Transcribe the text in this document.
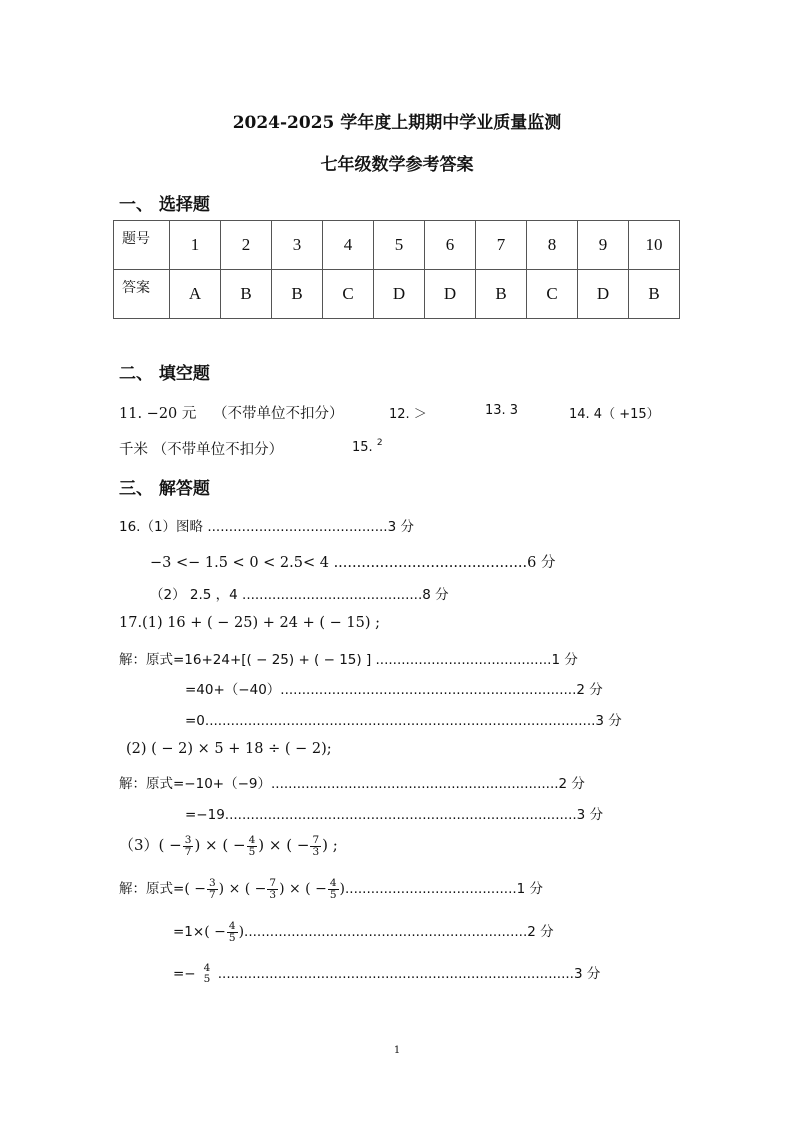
2024-2025 学年度上期期中学业质量监测
七年级数学参考答案
一、 选择题
题号	1	2	3	4	5	6	7	8	9	10
答案	A	B	B	C	D	D	B	C	D	B
二、 填空题
11. −20 元 （不带单位不扣分）	12. ＞	13. 3	14. 4（ +15）
千米 （不带单位不扣分）	15. $^2$
三、 解答题
16.（1）图略 ..........................................3 分
−3 <− 1.5 < 0 < 2.5< 4 ..........................................6 分
（2） 2.5 ，4 ..........................................8 分
17.(1) 16 + ( − 25) + 24 + ( − 15) ;
解：原式=16+24+[( − 25) + ( − 15) ] .........................................1 分
=40+（−40）.....................................................................2 分
=0...........................................................................................3 分
(2) ( − 2) × 5 + 18 ÷ ( − 2);
解：原式=−10+（−9）...................................................................2 分
=−19..................................................................................3 分
$(3)( - \frac{3}{7}$ ) × ( − $\frac{4}{5}$ ) × ( − $\frac{7}{3}$ ) ;
解：原式=( − $\frac{3}{7}$ ) × ( − $\frac{7}{3}$ ) × ( − $\frac{4}{5} )........................................1$ 分
$=1\times( - \frac{4}{5} )..................................................................2$ 分
=− 4
5 ...................................................................................3 分
1
